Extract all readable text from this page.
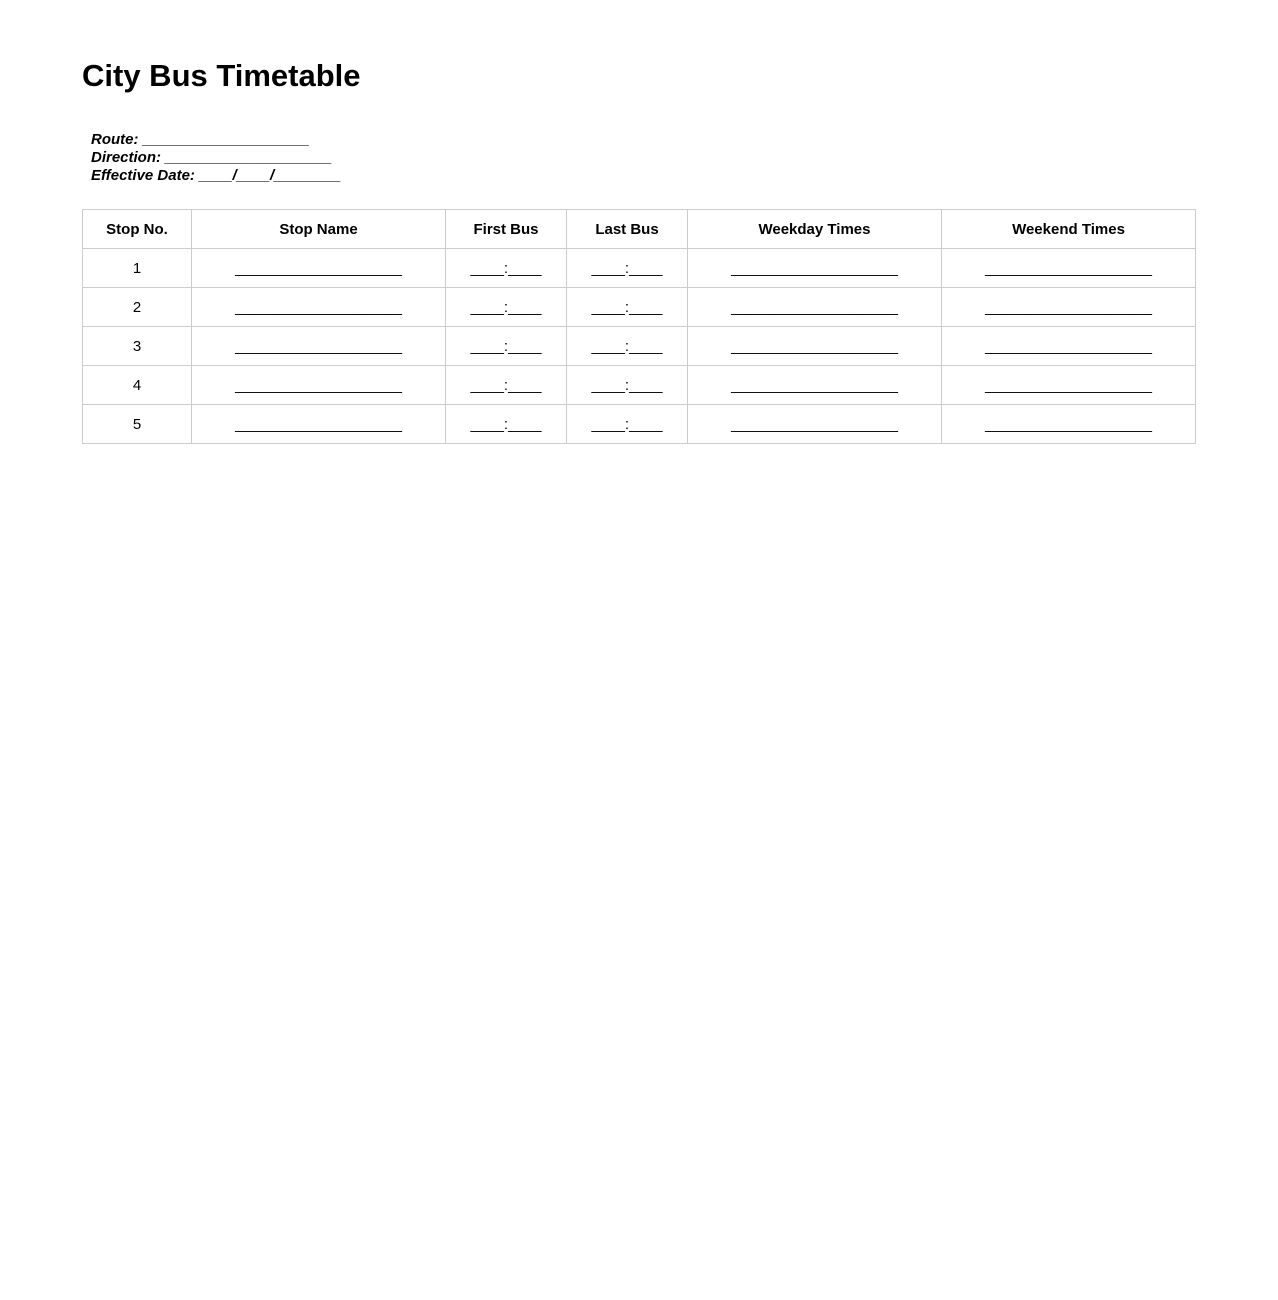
City Bus Timetable
Route: ____________________
Direction: ____________________
Effective Date: ____/____/________
Stop No.	Stop Name	First Bus	Last Bus	Weekday Times	Weekend Times
1	____________________	____:____	____:____	____________________	____________________
2	____________________	____:____	____:____	____________________	____________________
3	____________________	____:____	____:____	____________________	____________________
4	____________________	____:____	____:____	____________________	____________________
5	____________________	____:____	____:____	____________________	____________________
